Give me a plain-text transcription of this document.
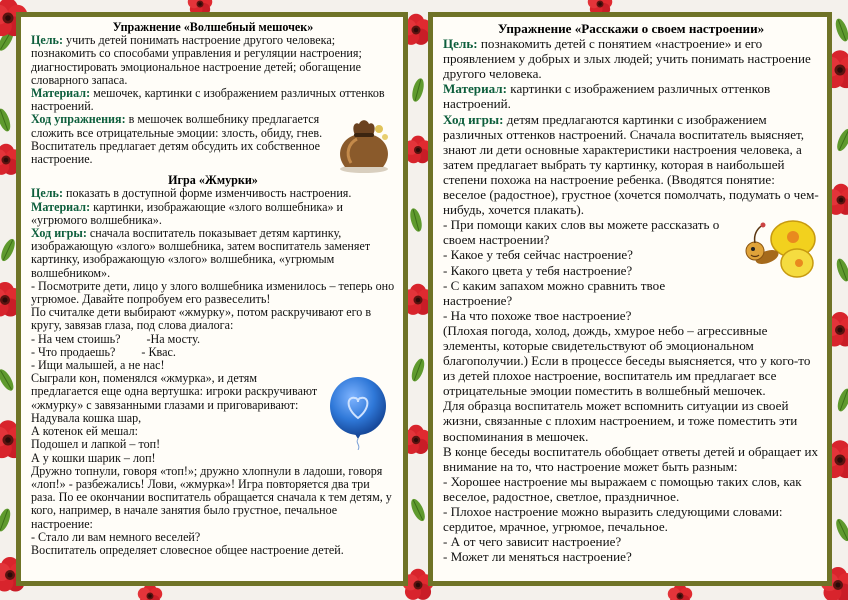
Упражнение «Волшебный мешочек»

Цель: учить детей понимать настроение другого человека; познакомить со способами управления и регуляции настроения; диагностировать эмоциональное настроение детей; обогащение словарного запаса.

Материал: мешочек, картинки с изображением различных оттенков настроений.

Ход упражнения: в мешочек волшебнику предлагается сложить все отрицательные эмоции: злость, обиду, гнев. Воспитатель предлагает детям обсудить их собственное настроение.

Игра «Жмурки»

Цель: показать в доступной форме изменчивость настроения.

Материал: картинки, изображающие «злого волшебника» и «угрюмого волшебника».

Ход игры: сначала воспитатель показывает детям картинку, изображающую «злого» волшебника, затем воспитатель заменяет картинку, изображающую «злого» волшебника, «угрюмым волшебником».

- Посмотрите дети, лицо у злого волшебника изменилось – теперь оно угрюмое. Давайте попробуем его развеселить!

По считалке дети выбирают «жмурку», потом раскручивают его в кругу, завязав глаза, под слова диалога:

- На чем стоишь? -На мосту.

- Что продаешь? - Квас.

- Ищи малышей, а не нас!

Сыграли кон, поменялся «жмурка», и детям предлагается еще одна вертушка: игроки раскручивают «жмурку» с завязанными глазами и приговаривают:

Надувала кошка шар,

А котенок ей мешал:

Подошел и лапкой – топ!

А у кошки шарик – лоп!

Дружно топнули, говоря «топ!»; дружно хлопнули в ладоши, говоря «лоп!» - разбежались! Лови, «жмурка»! Игра повторяется два три раза. По ее окончании воспитатель обращается сначала к тем детям, у кого, например, в начале занятия было грустное, печальное настроение:

- Стало ли вам немного веселей?

Воспитатель определяет словесное общее настроение детей.

Упражнение «Расскажи о своем настроении»

Цель: познакомить детей с понятием «настроение» и его проявлением у добрых и злых людей; учить понимать настроение другого человека.

Материал: картинки с изображением различных оттенков настроений.

Ход игры: детям предлагаются картинки с изображением различных оттенков настроений. Сначала воспитатель выясняет, знают ли дети основные характеристики настроения человека, а затем предлагает выбрать ту картинку, которая в наибольшей степени похожа на настроение ребенка. (Вводятся понятие: веселое (радостное), грустное (хочется помолчать, подумать о чем-нибудь, хочется плакать).

- При помощи каких слов вы можете рассказать о своем настроении?

- Какое у тебя сейчас настроение?

- Какого цвета у тебя настроение?

- С каким запахом можно сравнить твое настроение?

- На что похоже твое настроение?

(Плохая погода, холод, дождь, хмурое небо – агрессивные элементы, которые свидетельствуют об эмоциональном благополучии.) Если в процессе беседы выясняется, что у кого-то из детей плохое настроение, воспитатель им предлагает все отрицательные эмоции поместить в волшебный мешочек.

Для образца воспитатель может вспомнить ситуации из своей жизни, связанные с плохим настроением, и тоже поместить эти воспоминания в мешочек.

В конце беседы воспитатель обобщает ответы детей и обращает их внимание на то, что настроение может быть разным:

- Хорошее настроение мы выражаем с помощью таких слов, как веселое, радостное, светлое, праздничное.

- Плохое настроение можно выразить следующими словами: сердитое, мрачное, угрюмое, печальное.

- А от чего зависит настроение?

- Может ли меняться настроение?
